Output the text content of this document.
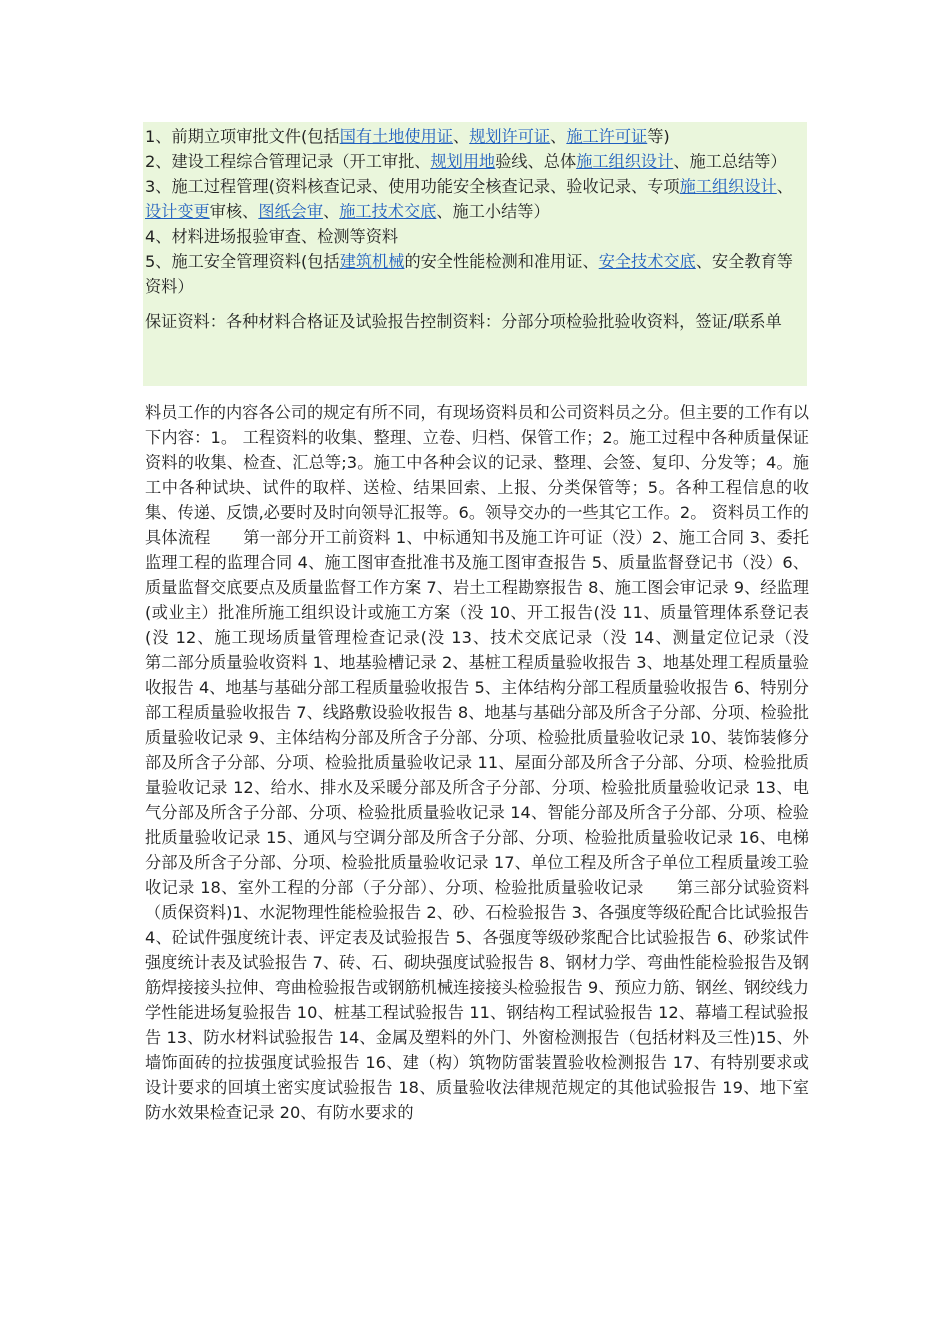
1、前期立项审批文件(包括国有土地使用证、规划许可证、施工许可证等)

2、建设工程综合管理记录（开工审批、规划用地验线、总体施工组织设计、施工总结等）

3、施工过程管理(资料核查记录、使用功能安全核查记录、验收记录、专项施工组织设计、设计变更审核、图纸会审、施工技术交底、施工小结等）

4、材料进场报验审查、检测等资料

5、施工安全管理资料(包括建筑机械的安全性能检测和准用证、安全技术交底、安全教育等资料）

保证资料：各种材料合格证及试验报告控制资料：分部分项检验批验收资料，签证/联系单

料员工作的内容各公司的规定有所不同，有现场资料员和公司资料员之分。但主要的工作有以下内容：1。 工程资料的收集、整理、立卷、归档、保管工作；2。施工过程中各种质量保证资料的收集、检查、汇总等;3。施工中各种会议的记录、整理、会签、复印、分发等；4。施工中各种试块、试件的取样、送检、结果回索、上报、分类保管等；5。各种工程信息的收集、传递、反馈,必要时及时向领导汇报等。6。领导交办的一些其它工作。2。 资料员工作的具体流程　　第一部分开工前资料 1、中标通知书及施工许可证（没）2、施工合同 3、委托监理工程的监理合同 4、施工图审查批准书及施工图审查报告 5、质量监督登记书（没）6、质量监督交底要点及质量监督工作方案 7、岩土工程勘察报告 8、施工图会审记录 9、经监理(或业主）批准所施工组织设计或施工方案（没 10、开工报告(没 11、质量管理体系登记表(没 12、施工现场质量管理检查记录(没 13、技术交底记录（没 14、测量定位记录（没　　第二部分质量验收资料 1、地基验槽记录 2、基桩工程质量验收报告 3、地基处理工程质量验收报告 4、地基与基础分部工程质量验收报告 5、主体结构分部工程质量验收报告 6、特别分部工程质量验收报告 7、线路敷设验收报告 8、地基与基础分部及所含子分部、分项、检验批质量验收记录 9、主体结构分部及所含子分部、分项、检验批质量验收记录 10、装饰装修分部及所含子分部、分项、检验批质量验收记录 11、屋面分部及所含子分部、分项、检验批质量验收记录 12、给水、排水及采暖分部及所含子分部、分项、检验批质量验收记录 13、电气分部及所含子分部、分项、检验批质量验收记录 14、智能分部及所含子分部、分项、检验批质量验收记录 15、通风与空调分部及所含子分部、分项、检验批质量验收记录 16、电梯分部及所含子分部、分项、检验批质量验收记录 17、单位工程及所含子单位工程质量竣工验收记录 18、室外工程的分部（子分部）、分项、检验批质量验收记录　　第三部分试验资料（质保资料)1、水泥物理性能检验报告 2、砂、石检验报告 3、各强度等级砼配合比试验报告 4、砼试件强度统计表、评定表及试验报告 5、各强度等级砂浆配合比试验报告 6、砂浆试件强度统计表及试验报告 7、砖、石、砌块强度试验报告 8、钢材力学、弯曲性能检验报告及钢筋焊接接头拉伸、弯曲检验报告或钢筋机械连接接头检验报告 9、预应力筋、钢丝、钢绞线力学性能进场复验报告 10、桩基工程试验报告 11、钢结构工程试验报告 12、幕墙工程试验报告 13、防水材料试验报告 14、金属及塑料的外门、外窗检测报告（包括材料及三性)15、外墙饰面砖的拉拔强度试验报告 16、建（构）筑物防雷装置验收检测报告 17、有特别要求或设计要求的回填土密实度试验报告 18、质量验收法律规范规定的其他试验报告 19、地下室防水效果检查记录 20、有防水要求的
